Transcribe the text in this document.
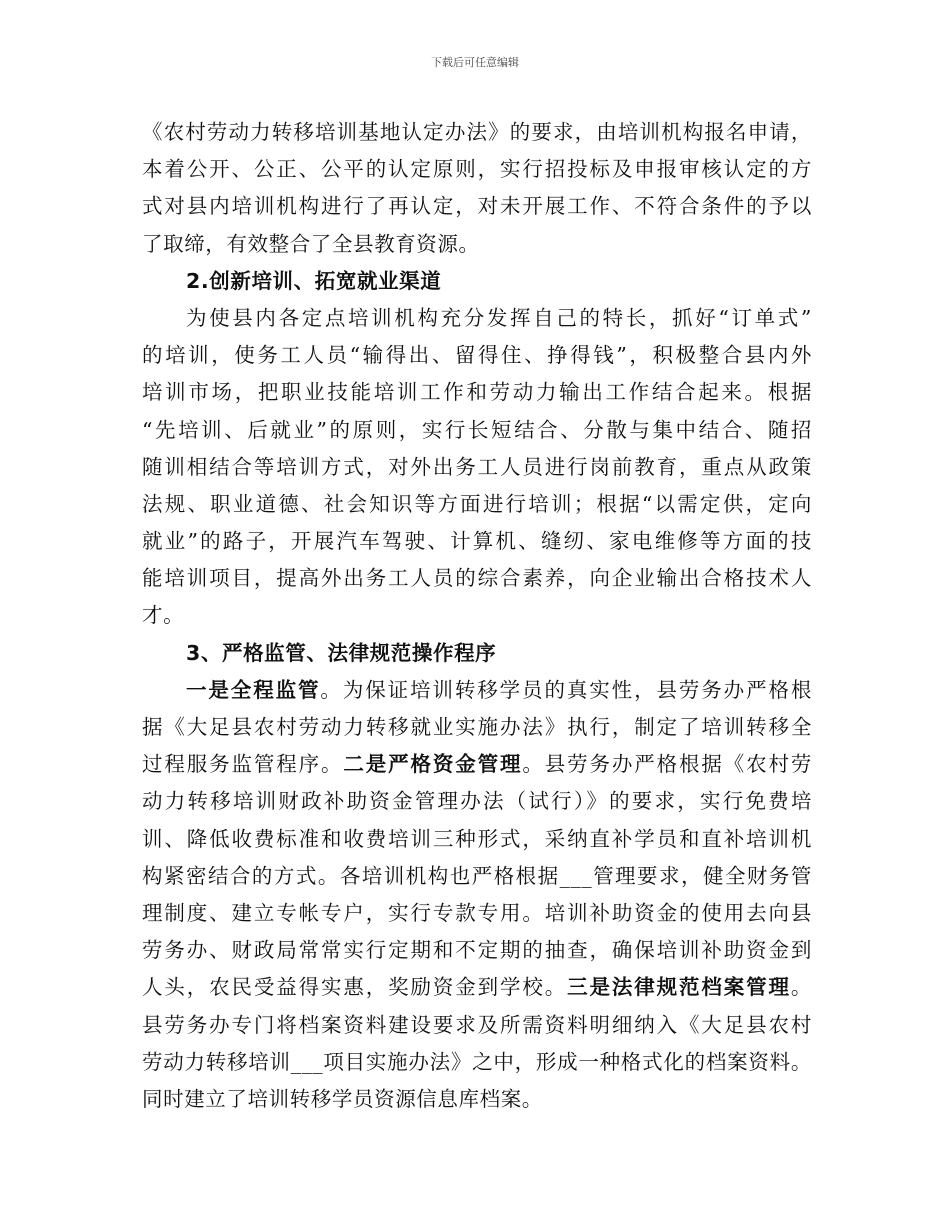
下载后可任意编辑
《农村劳动力转移培训基地认定办法》的要求，由培训机构报名申请，
本着公开、公正、公平的认定原则，实行招投标及申报审核认定的方
式对县内培训机构进行了再认定，对未开展工作、不符合条件的予以
了取缔，有效整合了全县教育资源。
2.创新培训、拓宽就业渠道
为使县内各定点培训机构充分发挥自己的特长，抓好“订单式”
的培训，使务工人员“输得出、留得住、挣得钱”，积极整合县内外
培训市场，把职业技能培训工作和劳动力输出工作结合起来。根据
“先培训、后就业”的原则，实行长短结合、分散与集中结合、随招
随训相结合等培训方式，对外出务工人员进行岗前教育，重点从政策
法规、职业道德、社会知识等方面进行培训；根据“以需定供，定向
就业”的路子，开展汽车驾驶、计算机、缝纫、家电维修等方面的技
能培训项目，提高外出务工人员的综合素养，向企业输出合格技术人
才。
3、严格监管、法律规范操作程序
一是全程监管。为保证培训转移学员的真实性，县劳务办严格根
据《大足县农村劳动力转移就业实施办法》执行，制定了培训转移全
过程服务监管程序。二是严格资金管理。县劳务办严格根据《农村劳
动力转移培训财政补助资金管理办法（试行）》的要求，实行免费培
训、降低收费标准和收费培训三种形式，采纳直补学员和直补培训机
构紧密结合的方式。各培训机构也严格根据___管理要求，健全财务管
理制度、建立专帐专户，实行专款专用。培训补助资金的使用去向县
劳务办、财政局常常实行定期和不定期的抽查，确保培训补助资金到
人头，农民受益得实惠，奖励资金到学校。三是法律规范档案管理。
县劳务办专门将档案资料建设要求及所需资料明细纳入《大足县农村
劳动力转移培训___项目实施办法》之中，形成一种格式化的档案资料。
同时建立了培训转移学员资源信息库档案。
